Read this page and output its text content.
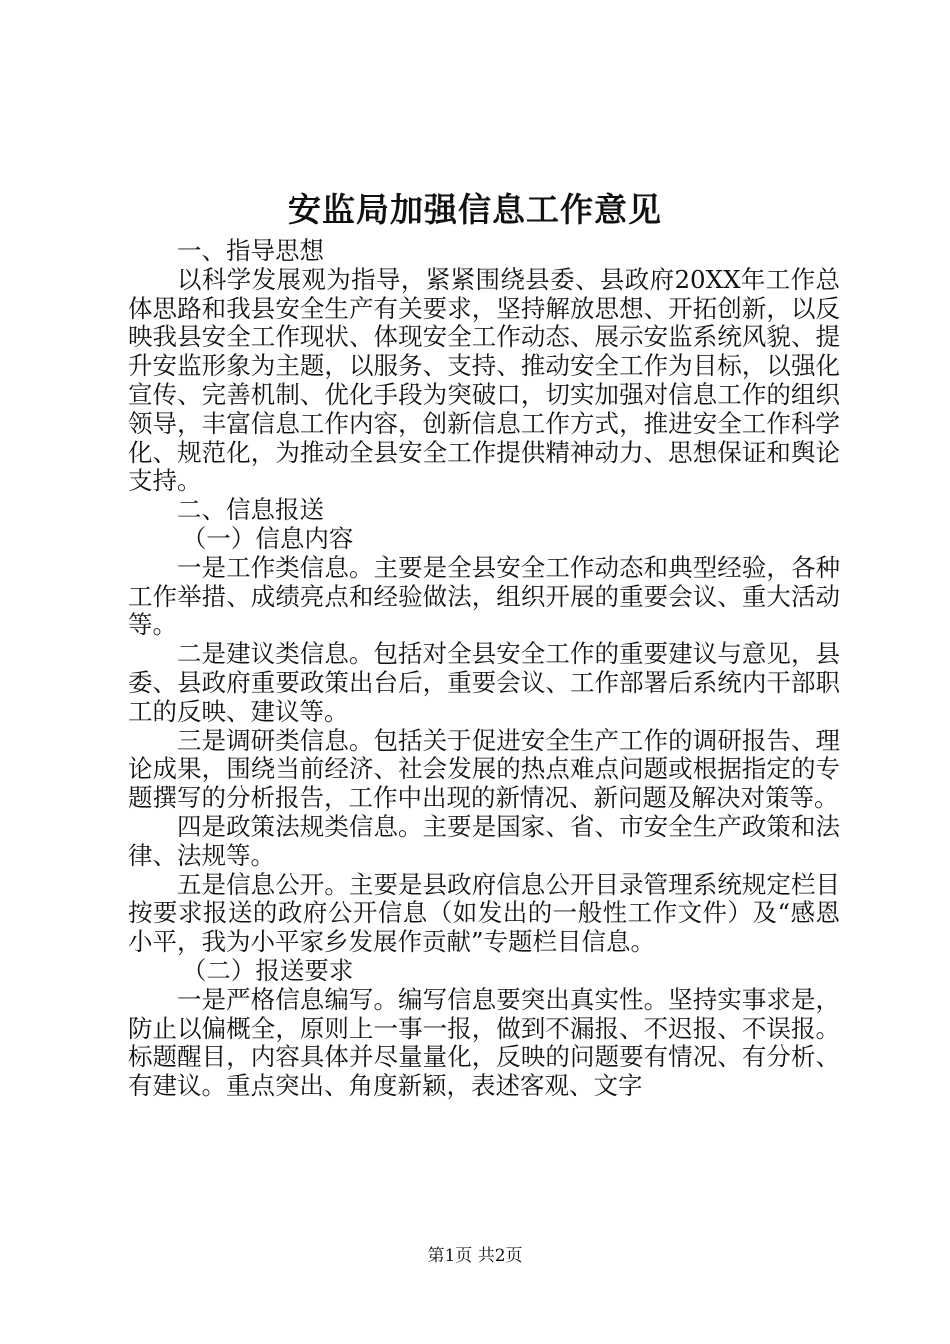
安监局加强信息工作意见

一、指导思想

以科学发展观为指导，紧紧围绕县委、县政府20XX年工作总体思路和我县安全生产有关要求，坚持解放思想、开拓创新，以反映我县安全工作现状、体现安全工作动态、展示安监系统风貌、提升安监形象为主题，以服务、支持、推动安全工作为目标，以强化宣传、完善机制、优化手段为突破口，切实加强对信息工作的组织领导，丰富信息工作内容，创新信息工作方式，推进安全工作科学化、规范化，为推动全县安全工作提供精神动力、思想保证和舆论支持。

二、信息报送

（一）信息内容

一是工作类信息。主要是全县安全工作动态和典型经验，各种工作举措、成绩亮点和经验做法，组织开展的重要会议、重大活动等。

二是建议类信息。包括对全县安全工作的重要建议与意见，县委、县政府重要政策出台后，重要会议、工作部署后系统内干部职工的反映、建议等。

三是调研类信息。包括关于促进安全生产工作的调研报告、理论成果，围绕当前经济、社会发展的热点难点问题或根据指定的专题撰写的分析报告，工作中出现的新情况、新问题及解决对策等。

四是政策法规类信息。主要是国家、省、市安全生产政策和法律、法规等。

五是信息公开。主要是县政府信息公开目录管理系统规定栏目按要求报送的政府公开信息（如发出的一般性工作文件）及“感恩小平，我为小平家乡发展作贡献”专题栏目信息。

（二）报送要求

一是严格信息编写。编写信息要突出真实性。坚持实事求是，防止以偏概全，原则上一事一报，做到不漏报、不迟报、不误报。标题醒目，内容具体并尽量量化，反映的问题要有情况、有分析、有建议。重点突出、角度新颖，表述客观、文字

第1页 共2页
